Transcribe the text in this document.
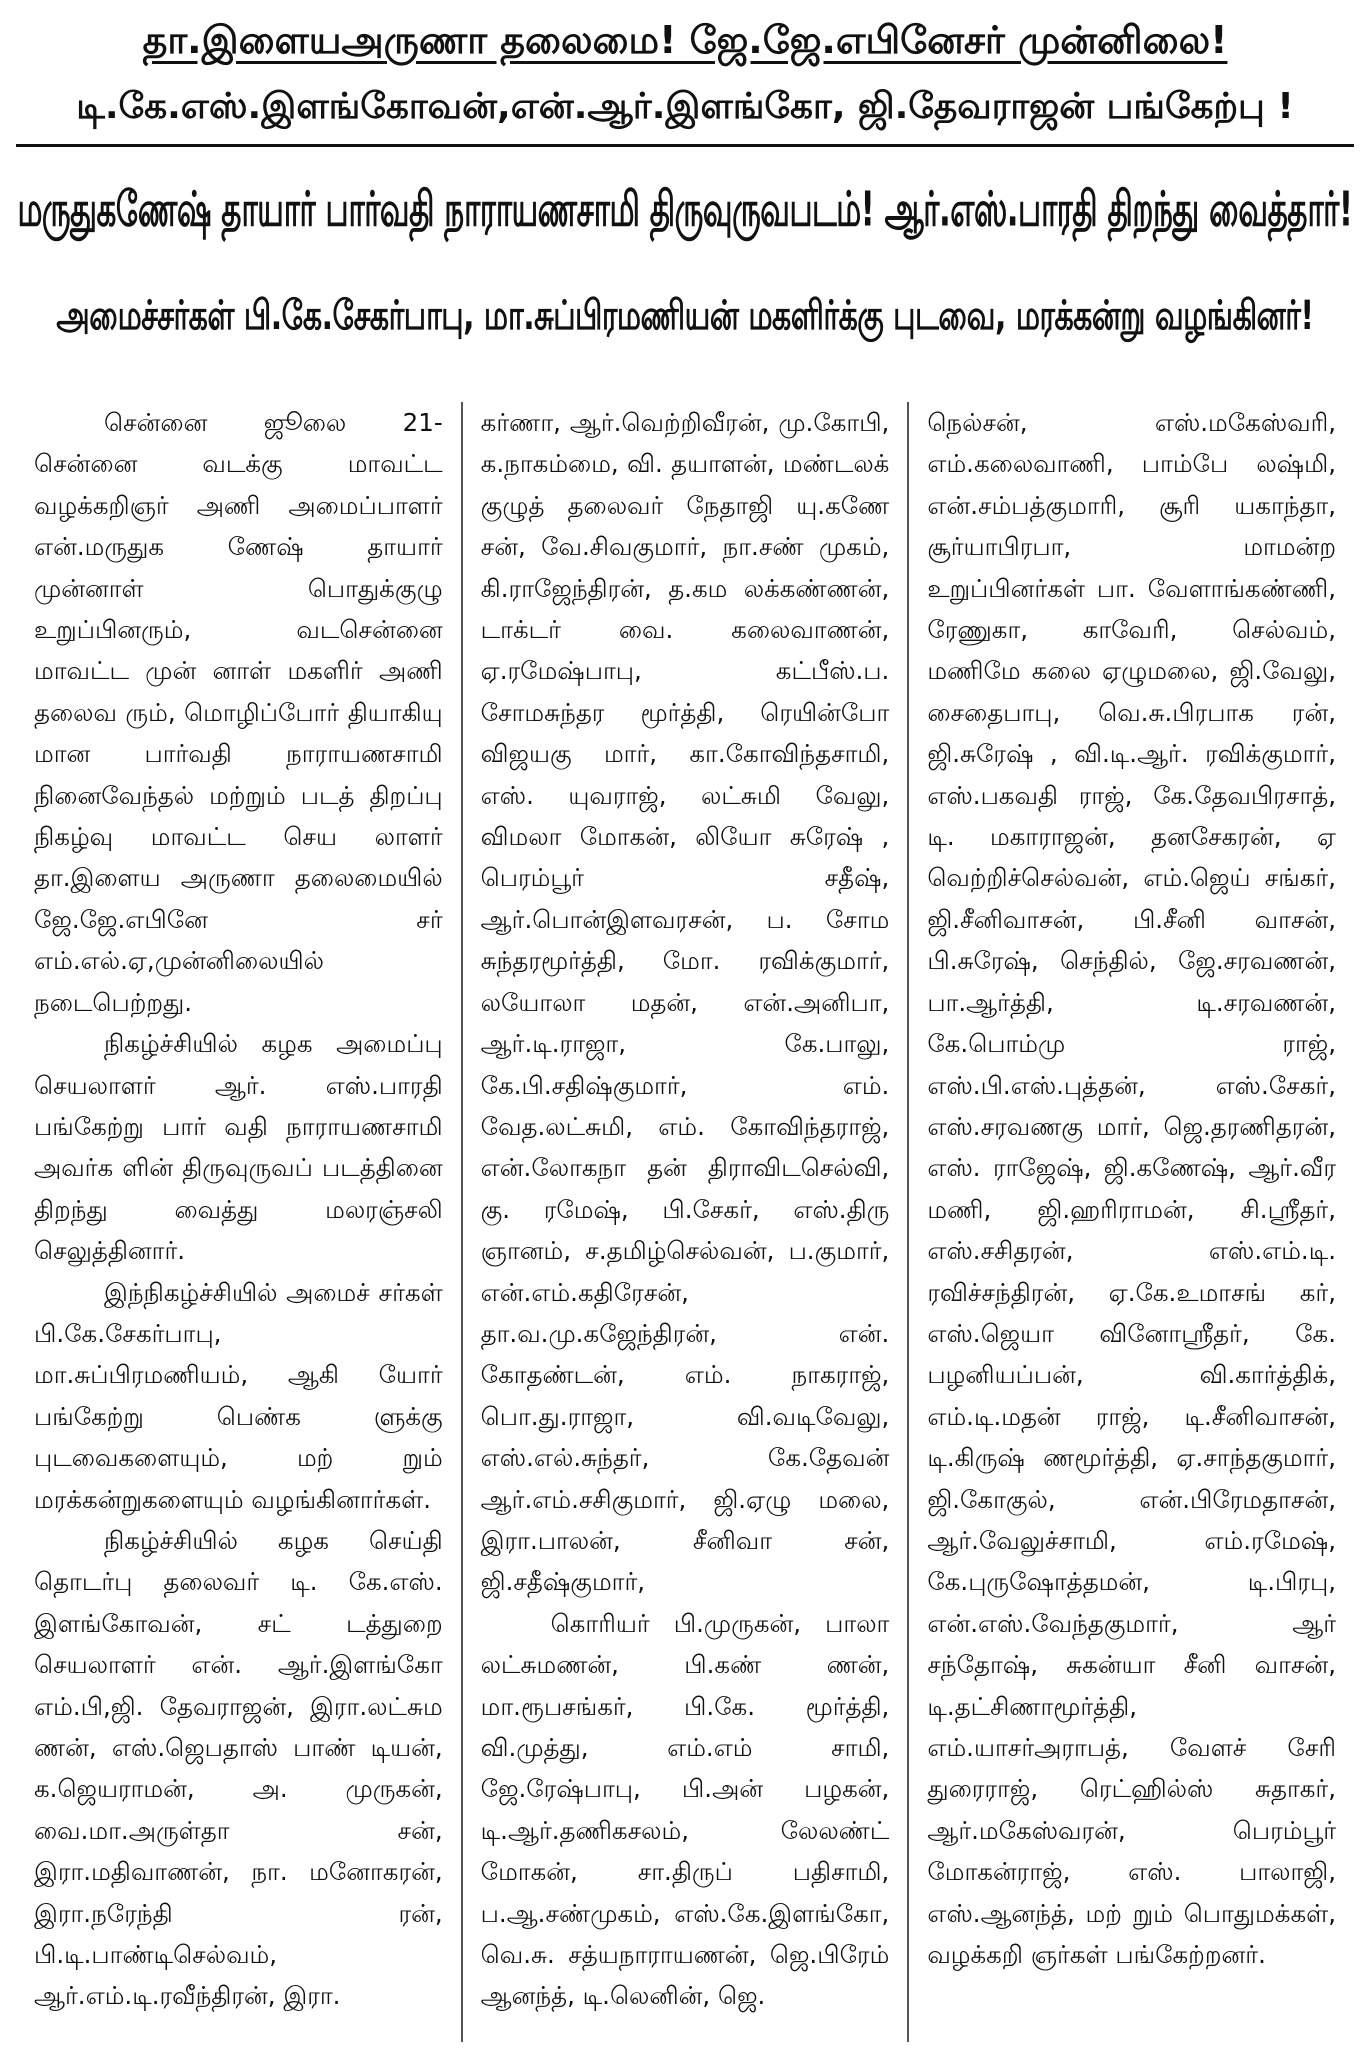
தா.இளையஅருணா தலைமை! ஜே.ஜே.எபினேசர் முன்னிலை!
டி.கே.எஸ்.இளங்கோவன்,என்.ஆர்.இளங்கோ, ஜி.தேவராஜன் பங்கேற்பு !
மருதுகணேஷ் தாயார் பார்வதி நாராயணசாமி திருவுருவபடம்! ஆர்.எஸ்.பாரதி திறந்து வைத்தார்!
அமைச்சர்கள் பி.கே.சேகர்பாபு, மா.சுப்பிரமணியன் மகளிர்க்கு புடவை, மரக்கன்று வழங்கினர்!

சென்னை ஜூலை 21- சென்னை வடக்கு மாவட்ட வழக்கறிஞர் அணி அமைப்பாளர் என்.மருதுக ணேஷ் தாயார் முன்னாள் பொதுக்குழு உறுப்பினரும், வடசென்னை மாவட்ட முன் னாள் மகளிர் அணி தலைவ ரும், மொழிப்போர் தியாகியு மான பார்வதி நாராயணசாமி நினைவேந்தல் மற்றும் படத் திறப்பு நிகழ்வு மாவட்ட செய லாளர் தா.இளைய அருணா தலைமையில் ஜே.ஜே.எபினே சர் எம்.எல்.ஏ,முன்னிலையில் நடைபெற்றது.

நிகழ்ச்சியில் கழக அமைப்பு செயலாளர் ஆர். எஸ்.பாரதி பங்கேற்று பார் வதி நாராயணசாமி அவர்க ளின் திருவுருவப் படத்தினை திறந்து வைத்து மலரஞ்சலி செலுத்தினார்.

இந்நிகழ்ச்சியில் அமைச் சர்கள் பி.கே.சேகர்பாபு, மா.சுப்பிரமணியம், ஆகி யோர் பங்கேற்று பெண்க ளுக்கு புடவைகளையும், மற் றும் மரக்கன்றுகளையும் வழங்கினார்கள்.

நிகழ்ச்சியில் கழக செய்தி தொடர்பு தலைவர் டி. கே.எஸ். இளங்கோவன், சட் டத்துறை செயலாளர் என். ஆர்.இளங்கோ எம்.பி,ஜி. தேவராஜன், இரா.லட்சும ணன், எஸ்.ஜெபதாஸ் பாண் டியன், க.ஜெயராமன், அ. முருகன், வை.மா.அருள்தா சன், இரா.மதிவாணன், நா. மனோகரன், இரா.நரேந்தி ரன், பி.டி.பாண்டிசெல்வம், ஆர்.எம்.டி.ரவீந்திரன், இரா.

கர்ணா, ஆர்.வெற்றிவீரன், மு.கோபி, க.நாகம்மை, வி. தயாளன், மண்டலக் குழுத் தலைவர் நேதாஜி யு.கணே சன், வே.சிவகுமார், நா.சண் முகம், கி.ராஜேந்திரன், த.கம லக்கண்ணன், டாக்டர் வை. கலைவாணன், ஏ.ரமேஷ்பாபு, கட்பீஸ்.ப. சோமசுந்தர மூர்த்தி, ரெயின்போ விஜயகு மார், கா.கோவிந்தசாமி, எஸ். யுவராஜ், லட்சுமி வேலு, விமலா மோகன், லியோ சுரேஷ் , பெரம்பூர் சதீஷ், ஆர்.பொன்இளவரசன், ப. சோம சுந்தரமூர்த்தி, மோ. ரவிக்குமார், லயோலா மதன், என்.அனிபா, ஆர்.டி.ராஜா, கே.பாலு, கே.பி.சதிஷ்குமார், எம். வேத.லட்சுமி, எம். கோவிந்தராஜ், என்.லோகநா தன் திராவிடசெல்வி, கு. ரமேஷ், பி.சேகர், எஸ்.திரு ஞானம், ச.தமிழ்செல்வன், ப.குமார், என்.எம்.கதிரேசன், தா.வ.மு.கஜேந்திரன், என். கோதண்டன், எம். நாகராஜ், பொ.து.ராஜா, வி.வடிவேலு, எஸ்.எல்.சுந்தர், கே.தேவன் ஆர்.எம்.சசிகுமார், ஜி.ஏழு மலை, இரா.பாலன், சீனிவா சன், ஜி.சதீஷ்குமார்,

கொரியர் பி.முருகன், பாலா லட்சுமணன், பி.கண் ணன், மா.ரூபசங்கர், பி.கே. மூர்த்தி, வி.முத்து, எம்.எம் சாமி, ஜே.ரேஷ்பாபு, பி.அன் பழகன், டி.ஆர்.தணிகசலம், லேலண்ட் மோகன், சா.திருப் பதிசாமி, ப.ஆ.சண்முகம், எஸ்.கே.இளங்கோ, வெ.சு. சத்யநாராயணன், ஜெ.பிரேம் ஆனந்த், டி.லெனின், ஜெ.

நெல்சன், எஸ்.மகேஸ்வரி, எம்.கலைவாணி, பாம்பே லஷ்மி, என்.சம்பத்குமாரி, சூரி யகாந்தா, சூர்யாபிரபா, மாமன்ற உறுப்பினர்கள் பா. வேளாங்கண்ணி, ரேணுகா, காவேரி, செல்வம், மணிமே கலை ஏழுமலை, ஜி.வேலு, சைதைபாபு, வெ.சு.பிரபாக ரன், ஜி.சுரேஷ் , வி.டி.ஆர். ரவிக்குமார், எஸ்.பகவதி ராஜ், கே.தேவபிரசாத், டி. மகாராஜன், தனசேகரன், ஏ வெற்றிச்செல்வன், எம்.ஜெய் சங்கர், ஜி.சீனிவாசன், பி.சீனி வாசன், பி.சுரேஷ், செந்தில், ஜே.சரவணன், பா.ஆர்த்தி, டி.சரவணன், கே.பொம்மு ராஜ், எஸ்.பி.எஸ்.புத்தன், எஸ்.சேகர், எஸ்.சரவணகு மார், ஜெ.தரணிதரன், எஸ். ராஜேஷ், ஜி.கணேஷ், ஆர்.வீர மணி, ஜி.ஹரிராமன், சி.ஸ்ரீதர், எஸ்.சசிதரன், எஸ்.எம்.டி. ரவிச்சந்திரன், ஏ.கே.உமாசங் கர், எஸ்.ஜெயா வினோஸ்ரீதர், கே. பழனியப்பன், வி.கார்த்திக், எம்.டி.மதன் ராஜ், டி.சீனிவாசன், டி.கிருஷ் ணமூர்த்தி, ஏ.சாந்தகுமார், ஜி.கோகுல், என்.பிரேமதாசன், ஆர்.வேலுச்சாமி, எம்.ரமேஷ், கே.புருஷோத்தமன், டி.பிரபு, என்.எஸ்.வேந்தகுமார், ஆர் சந்தோஷ், சுகன்யா சீனி வாசன், டி.தட்சிணாமூர்த்தி, எம்.யாசர்அராபத், வேளச் சேரி துரைராஜ், ரெட்ஹில்ஸ் சுதாகர், ஆர்.மகேஸ்வரன், பெரம்பூர் மோகன்ராஜ், எஸ். பாலாஜி, எஸ்.ஆனந்த், மற் றும் பொதுமக்கள், வழக்கறி ஞர்கள் பங்கேற்றனர்.
